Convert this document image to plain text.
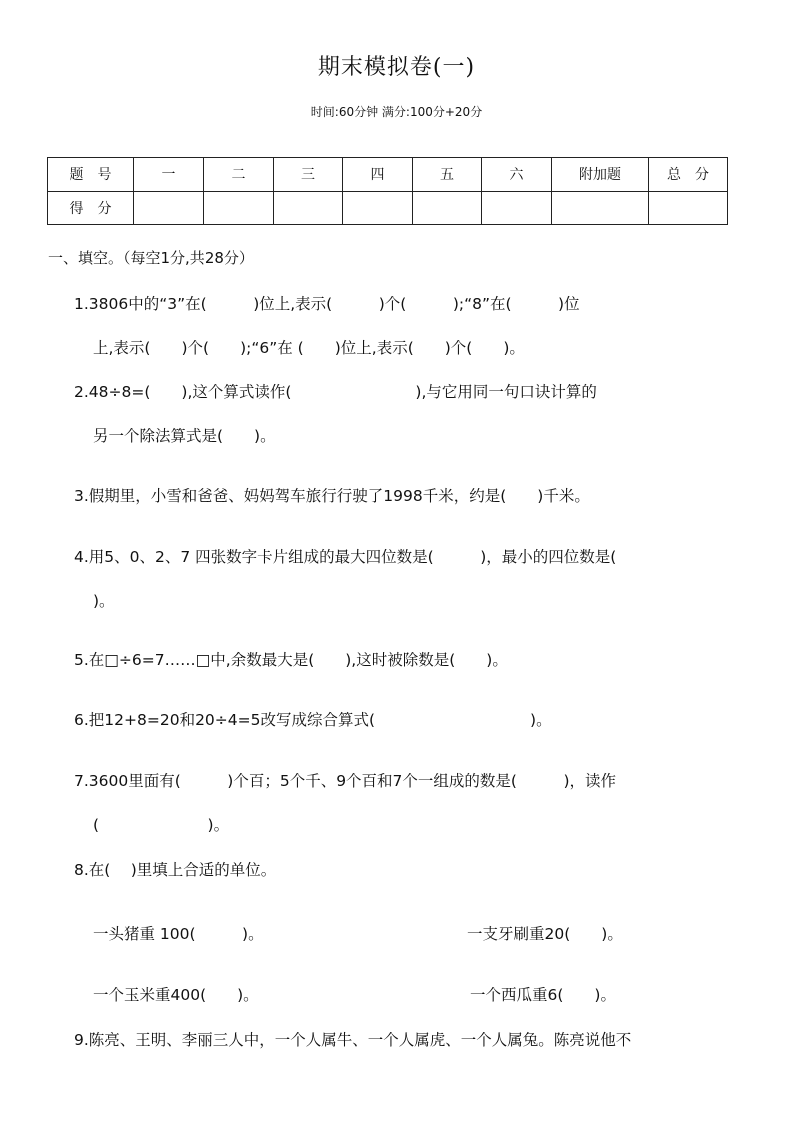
期末模拟卷(一)
时间:60分钟 满分:100分+20分
题　号	一	二	三	四	五	六	附加题	总　分
得　分								
一、填空。（每空1分,共28分）
1.3806中的“3”在(　　　)位上,表示(　　　)个(　　　);“8”在(　　　)位
上,表示(　　)个(　　);“6”在 (　　)位上,表示(　　)个(　　)。
2.48÷8=(　　),这个算式读作(　　　　　　　　),与它用同一句口诀计算的
另一个除法算式是(　　)。
3.假期里，小雪和爸爸、妈妈驾车旅行行驶了1998千米，约是(　　)千米。
4.用5、0、2、7 四张数字卡片组成的最大四位数是(　　　)，最小的四位数是(
)。
5.在□÷6=7……□中,余数最大是(　　),这时被除数是(　　)。
6.把12+8=20和20÷4=5改写成综合算式(　　　　　　　　　　)。
7.3600里面有(　　　)个百；5个千、9个百和7个一组成的数是(　　　)，读作
(　　　　　　　)。
8.在(　 )里填上合适的单位。
一头猪重 100(　　　)。	一支牙刷重20(　　)。
一个玉米重400(　　)。	一个西瓜重6(　　)。
9.陈亮、王明、李丽三人中，一个人属牛、一个人属虎、一个人属兔。陈亮说他不
